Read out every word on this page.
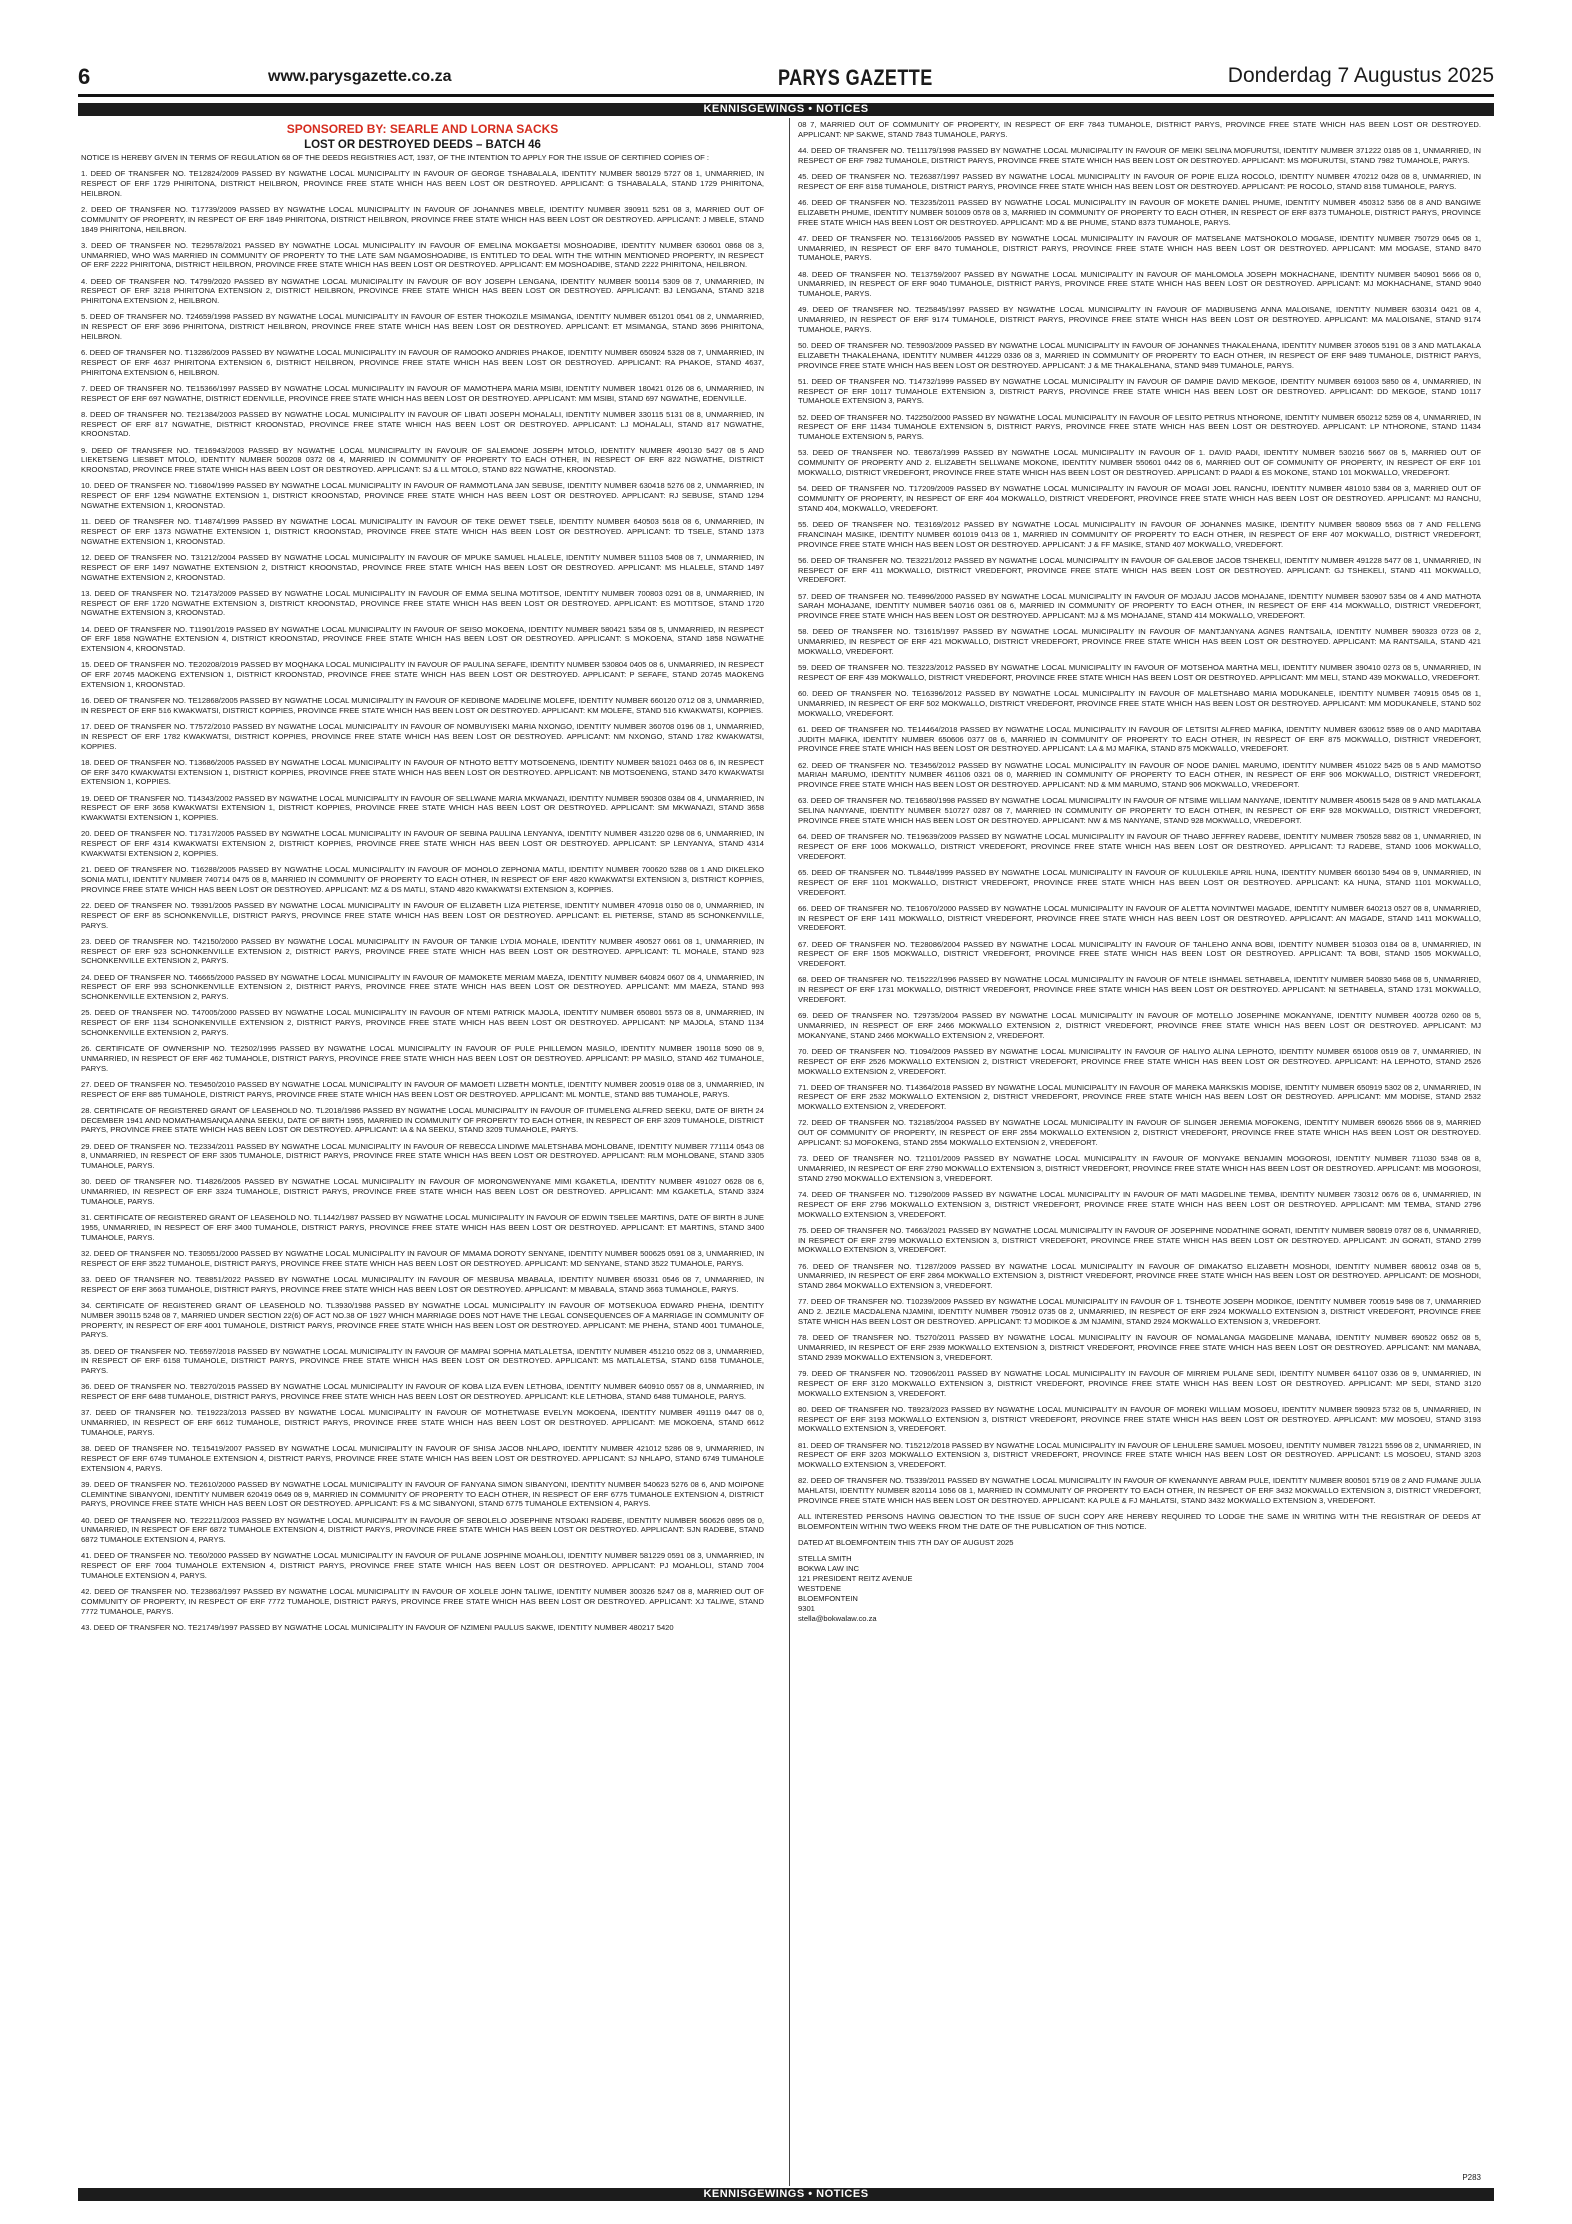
6	www.parysgazette.co.za	PARYS GAZETTE	Donderdag 7 Augustus 2025
KENNISGEWINGS • NOTICES
SPONSORED BY: SEARLE AND LORNA SACKS
LOST OR DESTROYED DEEDS – BATCH 46

NOTICE IS HEREBY GIVEN IN TERMS OF REGULATION 68 OF THE DEEDS REGISTRIES ACT, 1937, OF THE INTENTION TO APPLY FOR THE ISSUE OF CERTIFIED COPIES OF :

1. DEED OF TRANSFER NO. TE12824/2009 PASSED BY NGWATHE LOCAL MUNICIPALITY IN FAVOUR OF GEORGE TSHABALALA, IDENTITY NUMBER 580129 5727 08 1, UNMARRIED, IN RESPECT OF ERF 1729 PHIRITONA, DISTRICT HEILBRON, PROVINCE FREE STATE WHICH HAS BEEN LOST OR DESTROYED. APPLICANT: G TSHABALALA, STAND 1729 PHIRITONA, HEILBRON.

2. DEED OF TRANSFER NO. T17739/2009 PASSED BY NGWATHE LOCAL MUNICIPALITY IN FAVOUR OF JOHANNES MBELE, IDENTITY NUMBER 390911 5251 08 3, MARRIED OUT OF COMMUNITY OF PROPERTY, IN RESPECT OF ERF 1849 PHIRITONA, DISTRICT HEILBRON, PROVINCE FREE STATE WHICH HAS BEEN LOST OR DESTROYED. APPLICANT: J MBELE, STAND 1849 PHIRITONA, HEILBRON.

3. DEED OF TRANSFER NO. TE29578/2021 PASSED BY NGWATHE LOCAL MUNICIPALITY IN FAVOUR OF EMELINA MOKGAETSI MOSHOADIBE, IDENTITY NUMBER 630601 0868 08 3, UNMARRIED, WHO WAS MARRIED IN COMMUNITY OF PROPERTY TO THE LATE SAM NGAMOSHOADIBE, IS ENTITLED TO DEAL WITH THE WITHIN MENTIONED PROPERTY, IN RESPECT OF ERF 2222 PHIRITONA, DISTRICT HEILBRON, PROVINCE FREE STATE WHICH HAS BEEN LOST OR DESTROYED. APPLICANT: EM MOSHOADIBE, STAND 2222 PHIRITONA, HEILBRON.

4. DEED OF TRANSFER NO. T4799/2020 PASSED BY NGWATHE LOCAL MUNICIPALITY IN FAVOUR OF BOY JOSEPH LENGANA, IDENTITY NUMBER 500114 5309 08 7, UNMARRIED, IN RESPECT OF ERF 3218 PHIRITONA EXTENSION 2, DISTRICT HEILBRON, PROVINCE FREE STATE WHICH HAS BEEN LOST OR DESTROYED. APPLICANT: BJ LENGANA, STAND 3218 PHIRITONA EXTENSION 2, HEILBRON.

5. DEED OF TRANSFER NO. T24659/1998 PASSED BY NGWATHE LOCAL MUNICIPALITY IN FAVOUR OF ESTER THOKOZILE MSIMANGA, IDENTITY NUMBER 651201 0541 08 2, UNMARRIED, IN RESPECT OF ERF 3696 PHIRITONA, DISTRICT HEILBRON, PROVINCE FREE STATE WHICH HAS BEEN LOST OR DESTROYED. APPLICANT: ET MSIMANGA, STAND 3696 PHIRITONA, HEILBRON.

6. DEED OF TRANSFER NO. T13286/2009 PASSED BY NGWATHE LOCAL MUNICIPALITY IN FAVOUR OF RAMOOKO ANDRIES PHAKOE, IDENTITY NUMBER 650924 5328 08 7, UNMARRIED, IN RESPECT OF ERF 4637 PHIRITONA EXTENSION 6, DISTRICT HEILBRON, PROVINCE FREE STATE WHICH HAS BEEN LOST OR DESTROYED. APPLICANT: RA PHAKOE, STAND 4637, PHIRITONA EXTENSION 6, HEILBRON.

7. DEED OF TRANSFER NO. TE15366/1997 PASSED BY NGWATHE LOCAL MUNICIPALITY IN FAVOUR OF MAMOTHEPA MARIA MSIBI, IDENTITY NUMBER 180421 0126 08 6, UNMARRIED, IN RESPECT OF ERF 697 NGWATHE, DISTRICT EDENVILLE, PROVINCE FREE STATE WHICH HAS BEEN LOST OR DESTROYED. APPLICANT: MM MSIBI, STAND 697 NGWATHE, EDENVILLE.

8. DEED OF TRANSFER NO. TE21384/2003 PASSED BY NGWATHE LOCAL MUNICIPALITY IN FAVOUR OF LIBATI JOSEPH MOHALALI, IDENTITY NUMBER 330115 5131 08 8, UNMARRIED, IN RESPECT OF ERF 817 NGWATHE, DISTRICT KROONSTAD, PROVINCE FREE STATE WHICH HAS BEEN LOST OR DESTROYED. APPLICANT: LJ MOHALALI, STAND 817 NGWATHE, KROONSTAD.

9. DEED OF TRANSFER NO. TE16943/2003 PASSED BY NGWATHE LOCAL MUNICIPALITY IN FAVOUR OF SALEMONE JOSEPH MTOLO, IDENTITY NUMBER 490130 5427 08 5 AND LIEKETSENG LIESBET MTOLO, IDENTITY NUMBER 500208 0372 08 4, MARRIED IN COMMUNITY OF PROPERTY TO EACH OTHER, IN RESPECT OF ERF 822 NGWATHE, DISTRICT KROONSTAD, PROVINCE FREE STATE WHICH HAS BEEN LOST OR DESTROYED. APPLICANT: SJ & LL MTOLO, STAND 822 NGWATHE, KROONSTAD.

10. DEED OF TRANSFER NO. T16804/1999 PASSED BY NGWATHE LOCAL MUNICIPALITY IN FAVOUR OF RAMMOTLANA JAN SEBUSE, IDENTITY NUMBER 630418 5276 08 2, UNMARRIED, IN RESPECT OF ERF 1294 NGWATHE EXTENSION 1, DISTRICT KROONSTAD, PROVINCE FREE STATE WHICH HAS BEEN LOST OR DESTROYED. APPLICANT: RJ SEBUSE, STAND 1294 NGWATHE EXTENSION 1, KROONSTAD.

11. DEED OF TRANSFER NO. T14874/1999 PASSED BY NGWATHE LOCAL MUNICIPALITY IN FAVOUR OF TEKE DEWET TSELE, IDENTITY NUMBER 640503 5618 08 6, UNMARRIED, IN RESPECT OF ERF 1373 NGWATHE EXTENSION 1, DISTRICT KROONSTAD, PROVINCE FREE STATE WHICH HAS BEEN LOST OR DESTROYED. APPLICANT: TD TSELE, STAND 1373 NGWATHE EXTENSION 1, KROONSTAD.

12. DEED OF TRANSFER NO. T31212/2004 PASSED BY NGWATHE LOCAL MUNICIPALITY IN FAVOUR OF MPUKE SAMUEL HLALELE, IDENTITY NUMBER 511103 5408 08 7, UNMARRIED, IN RESPECT OF ERF 1497 NGWATHE EXTENSION 2, DISTRICT KROONSTAD, PROVINCE FREE STATE WHICH HAS BEEN LOST OR DESTROYED. APPLICANT: MS HLALELE, STAND 1497 NGWATHE EXTENSION 2, KROONSTAD.

13. DEED OF TRANSFER NO. T21473/2009 PASSED BY NGWATHE LOCAL MUNICIPALITY IN FAVOUR OF EMMA SELINA MOTITSOE, IDENTITY NUMBER 700803 0291 08 8, UNMARRIED, IN RESPECT OF ERF 1720 NGWATHE EXTENSION 3, DISTRICT KROONSTAD, PROVINCE FREE STATE WHICH HAS BEEN LOST OR DESTROYED. APPLICANT: ES MOTITSOE, STAND 1720 NGWATHE EXTENSION 3, KROONSTAD.

14. DEED OF TRANSFER NO. T11901/2019 PASSED BY NGWATHE LOCAL MUNICIPALITY IN FAVOUR OF SEISO MOKOENA, IDENTITY NUMBER 580421 5354 08 5, UNMARRIED, IN RESPECT OF ERF 1858 NGWATHE EXTENSION 4, DISTRICT KROONSTAD, PROVINCE FREE STATE WHICH HAS BEEN LOST OR DESTROYED. APPLICANT: S MOKOENA, STAND 1858 NGWATHE EXTENSION 4, KROONSTAD.

15. DEED OF TRANSFER NO. TE20208/2019 PASSED BY MOQHAKA LOCAL MUNICIPALITY IN FAVOUR OF PAULINA SEFAFE, IDENTITY NUMBER 530804 0405 08 6, UNMARRIED, IN RESPECT OF ERF 20745 MAOKENG EXTENSION 1, DISTRICT KROONSTAD, PROVINCE FREE STATE WHICH HAS BEEN LOST OR DESTROYED. APPLICANT: P SEFAFE, STAND 20745 MAOKENG EXTENSION 1, KROONSTAD.

16. DEED OF TRANSFER NO. TE12868/2005 PASSED BY NGWATHE LOCAL MUNICIPALITY IN FAVOUR OF KEDIBONE MADELINE MOLEFE, IDENTITY NUMBER 660120 0712 08 3, UNMARRIED, IN RESPECT OF ERF 516 KWAKWATSI, DISTRICT KOPPIES, PROVINCE FREE STATE WHICH HAS BEEN LOST OR DESTROYED. APPLICANT: KM MOLEFE, STAND 516 KWAKWATSI, KOPPIES.

17. DEED OF TRANSFER NO. T7572/2010 PASSED BY NGWATHE LOCAL MUNICIPALITY IN FAVOUR OF NOMBUYISEKI MARIA NXONGO, IDENTITY NUMBER 360708 0196 08 1, UNMARRIED, IN RESPECT OF ERF 1782 KWAKWATSI, DISTRICT KOPPIES, PROVINCE FREE STATE WHICH HAS BEEN LOST OR DESTROYED. APPLICANT: NM NXONGO, STAND 1782 KWAKWATSI, KOPPIES.

18. DEED OF TRANSFER NO. T13686/2005 PASSED BY NGWATHE LOCAL MUNICIPALITY IN FAVOUR OF NTHOTO BETTY MOTSOENENG, IDENTITY NUMBER 581021 0463 08 6, IN RESPECT OF ERF 3470 KWAKWATSI EXTENSION 1, DISTRICT KOPPIES, PROVINCE FREE STATE WHICH HAS BEEN LOST OR DESTROYED. APPLICANT: NB MOTSOENENG, STAND 3470 KWAKWATSI EXTENSION 1, KOPPIES.

19. DEED OF TRANSFER NO. T14343/2002 PASSED BY NGWATHE LOCAL MUNICIPALITY IN FAVOUR OF SELLWANE MARIA MKWANAZI, IDENTITY NUMBER 590308 0384 08 4, UNMARRIED, IN RESPECT OF ERF 3658 KWAKWATSI EXTENSION 1, DISTRICT KOPPIES, PROVINCE FREE STATE WHICH HAS BEEN LOST OR DESTROYED. APPLICANT: SM MKWANAZI, STAND 3658 KWAKWATSI EXTENSION 1, KOPPIES.

20. DEED OF TRANSFER NO. T17317/2005 PASSED BY NGWATHE LOCAL MUNICIPALITY IN FAVOUR OF SEBINA PAULINA LENYANYA, IDENTITY NUMBER 431220 0298 08 6, UNMARRIED, IN RESPECT OF ERF 4314 KWAKWATSI EXTENSION 2, DISTRICT KOPPIES, PROVINCE FREE STATE WHICH HAS BEEN LOST OR DESTROYED. APPLICANT: SP LENYANYA, STAND 4314 KWAKWATSI EXTENSION 2, KOPPIES.

21. DEED OF TRANSFER NO. T16288/2005 PASSED BY NGWATHE LOCAL MUNICIPALITY IN FAVOUR OF MOHOLO ZEPHONIA MATLI, IDENTITY NUMBER 700620 5288 08 1 AND DIKELEKO SONIA MATLI, IDENTITY NUMBER 740714 0475 08 8, MARRIED IN COMMUNITY OF PROPERTY TO EACH OTHER, IN RESPECT OF ERF 4820 KWAKWATSI EXTENSION 3, DISTRICT KOPPIES, PROVINCE FREE STATE WHICH HAS BEEN LOST OR DESTROYED. APPLICANT: MZ & DS MATLI, STAND 4820 KWAKWATSI EXTENSION 3, KOPPIES.

22. DEED OF TRANSFER NO. T9391/2005 PASSED BY NGWATHE LOCAL MUNICIPALITY IN FAVOUR OF ELIZABETH LIZA PIETERSE, IDENTITY NUMBER 470918 0150 08 0, UNMARRIED, IN RESPECT OF ERF 85 SCHONKENVILLE, DISTRICT PARYS, PROVINCE FREE STATE WHICH HAS BEEN LOST OR DESTROYED. APPLICANT: EL PIETERSE, STAND 85 SCHONKENVILLE, PARYS.

23. DEED OF TRANSFER NO. T42150/2000 PASSED BY NGWATHE LOCAL MUNICIPALITY IN FAVOUR OF TANKIE LYDIA MOHALE, IDENTITY NUMBER 490527 0661 08 1, UNMARRIED, IN RESPECT OF ERF 923 SCHONKENVILLE EXTENSION 2, DISTRICT PARYS, PROVINCE FREE STATE WHICH HAS BEEN LOST OR DESTROYED. APPLICANT: TL MOHALE, STAND 923 SCHONKENVILLE EXTENSION 2, PARYS.

24. DEED OF TRANSFER NO. T46665/2000 PASSED BY NGWATHE LOCAL MUNICIPALITY IN FAVOUR OF MAMOKETE MERIAM MAEZA, IDENTITY NUMBER 640824 0607 08 4, UNMARRIED, IN RESPECT OF ERF 993 SCHONKENVILLE EXTENSION 2, DISTRICT PARYS, PROVINCE FREE STATE WHICH HAS BEEN LOST OR DESTROYED. APPLICANT: MM MAEZA, STAND 993 SCHONKENVILLE EXTENSION 2, PARYS.

25. DEED OF TRANSFER NO. T47005/2000 PASSED BY NGWATHE LOCAL MUNICIPALITY IN FAVOUR OF NTEMI PATRICK MAJOLA, IDENTITY NUMBER 650801 5573 08 8, UNMARRIED, IN RESPECT OF ERF 1134 SCHONKENVILLE EXTENSION 2, DISTRICT PARYS, PROVINCE FREE STATE WHICH HAS BEEN LOST OR DESTROYED. APPLICANT: NP MAJOLA, STAND 1134 SCHONKENVILLE EXTENSION 2, PARYS.

26. CERTIFICATE OF OWNERSHIP NO. TE2502/1995 PASSED BY NGWATHE LOCAL MUNICIPALITY IN FAVOUR OF PULE PHILLEMON MASILO, IDENTITY NUMBER 190118 5090 08 9, UNMARRIED, IN RESPECT OF ERF 462 TUMAHOLE, DISTRICT PARYS, PROVINCE FREE STATE WHICH HAS BEEN LOST OR DESTROYED. APPLICANT: PP MASILO, STAND 462 TUMAHOLE, PARYS.

27. DEED OF TRANSFER NO. TE9450/2010 PASSED BY NGWATHE LOCAL MUNICIPALITY IN FAVOUR OF MAMOETI LIZBETH MONTLE, IDENTITY NUMBER 200519 0188 08 3, UNMARRIED, IN RESPECT OF ERF 885 TUMAHOLE, DISTRICT PARYS, PROVINCE FREE STATE WHICH HAS BEEN LOST OR DESTROYED. APPLICANT: ML MONTLE, STAND 885 TUMAHOLE, PARYS.

28. CERTIFICATE OF REGISTERED GRANT OF LEASEHOLD NO. TL2018/1986 PASSED BY NGWATHE LOCAL MUNICIPALITY IN FAVOUR OF ITUMELENG ALFRED SEEKU, DATE OF BIRTH 24 DECEMBER 1941 AND NOMATHAMSANQA ANNA SEEKU, DATE OF BIRTH 1955, MARRIED IN COMMUNITY OF PROPERTY TO EACH OTHER, IN RESPECT OF ERF 3209 TUMAHOLE, DISTRICT PARYS, PROVINCE FREE STATE WHICH HAS BEEN LOST OR DESTROYED. APPLICANT: IA & NA SEEKU, STAND 3209 TUMAHOLE, PARYS.

29. DEED OF TRANSFER NO. TE2334/2011 PASSED BY NGWATHE LOCAL MUNICIPALITY IN FAVOUR OF REBECCA LINDIWE MALETSHABA MOHLOBANE, IDENTITY NUMBER 771114 0543 08 8, UNMARRIED, IN RESPECT OF ERF 3305 TUMAHOLE, DISTRICT PARYS, PROVINCE FREE STATE WHICH HAS BEEN LOST OR DESTROYED. APPLICANT: RLM MOHLOBANE, STAND 3305 TUMAHOLE, PARYS.

30. DEED OF TRANSFER NO. T14826/2005 PASSED BY NGWATHE LOCAL MUNICIPALITY IN FAVOUR OF MORONGWENYANE MIMI KGAKETLA, IDENTITY NUMBER 491027 0628 08 6, UNMARRIED, IN RESPECT OF ERF 3324 TUMAHOLE, DISTRICT PARYS, PROVINCE FREE STATE WHICH HAS BEEN LOST OR DESTROYED. APPLICANT: MM KGAKETLA, STAND 3324 TUMAHOLE, PARYS.

31. CERTIFICATE OF REGISTERED GRANT OF LEASEHOLD NO. TL1442/1987 PASSED BY NGWATHE LOCAL MUNICIPALITY IN FAVOUR OF EDWIN TSELEE MARTINS, DATE OF BIRTH 8 JUNE 1955, UNMARRIED, IN RESPECT OF ERF 3400 TUMAHOLE, DISTRICT PARYS, PROVINCE FREE STATE WHICH HAS BEEN LOST OR DESTROYED. APPLICANT: ET MARTINS, STAND 3400 TUMAHOLE, PARYS.

32. DEED OF TRANSFER NO. TE30551/2000 PASSED BY NGWATHE LOCAL MUNICIPALITY IN FAVOUR OF MMAMA DOROTY SENYANE, IDENTITY NUMBER 500625 0591 08 3, UNMARRIED, IN RESPECT OF ERF 3522 TUMAHOLE, DISTRICT PARYS, PROVINCE FREE STATE WHICH HAS BEEN LOST OR DESTROYED. APPLICANT: MD SENYANE, STAND 3522 TUMAHOLE, PARYS.

33. DEED OF TRANSFER NO. TE8851/2022 PASSED BY NGWATHE LOCAL MUNICIPALITY IN FAVOUR OF MESBUSA MBABALA, IDENTITY NUMBER 650331 0546 08 7, UNMARRIED, IN RESPECT OF ERF 3663 TUMAHOLE, DISTRICT PARYS, PROVINCE FREE STATE WHICH HAS BEEN LOST OR DESTROYED. APPLICANT: M MBABALA, STAND 3663 TUMAHOLE, PARYS.

34. CERTIFICATE OF REGISTERED GRANT OF LEASEHOLD NO. TL3930/1988 PASSED BY NGWATHE LOCAL MUNICIPALITY IN FAVOUR OF MOTSEKUOA EDWARD PHEHA, IDENTITY NUMBER 390115 5248 08 7, MARRIED UNDER SECTION 22(6) OF ACT NO.38 OF 1927 WHICH MARRIAGE DOES NOT HAVE THE LEGAL CONSEQUENCES OF A MARRIAGE IN COMMUNITY OF PROPERTY, IN RESPECT OF ERF 4001 TUMAHOLE, DISTRICT PARYS, PROVINCE FREE STATE WHICH HAS BEEN LOST OR DESTROYED. APPLICANT: ME PHEHA, STAND 4001 TUMAHOLE, PARYS.

35. DEED OF TRANSFER NO. TE6597/2018 PASSED BY NGWATHE LOCAL MUNICIPALITY IN FAVOUR OF MAMPAI SOPHIA MATLALETSA, IDENTITY NUMBER 451210 0522 08 3, UNMARRIED, IN RESPECT OF ERF 6158 TUMAHOLE, DISTRICT PARYS, PROVINCE FREE STATE WHICH HAS BEEN LOST OR DESTROYED. APPLICANT: MS MATLALETSA, STAND 6158 TUMAHOLE, PARYS.

36. DEED OF TRANSFER NO. TE8270/2015 PASSED BY NGWATHE LOCAL MUNICIPALITY IN FAVOUR OF KOBA LIZA EVEN LETHOBA, IDENTITY NUMBER 640910 0557 08 8, UNMARRIED, IN RESPECT OF ERF 6488 TUMAHOLE, DISTRICT PARYS, PROVINCE FREE STATE WHICH HAS BEEN LOST OR DESTROYED. APPLICANT: KLE LETHOBA, STAND 6488 TUMAHOLE, PARYS.

37. DEED OF TRANSFER NO. TE19223/2013 PASSED BY NGWATHE LOCAL MUNICIPALITY IN FAVOUR OF MOTHETWASE EVELYN MOKOENA, IDENTITY NUMBER 491119 0447 08 0, UNMARRIED, IN RESPECT OF ERF 6612 TUMAHOLE, DISTRICT PARYS, PROVINCE FREE STATE WHICH HAS BEEN LOST OR DESTROYED. APPLICANT: ME MOKOENA, STAND 6612 TUMAHOLE, PARYS.

38. DEED OF TRANSFER NO. TE15419/2007 PASSED BY NGWATHE LOCAL MUNICIPALITY IN FAVOUR OF SHISA JACOB NHLAPO, IDENTITY NUMBER 421012 5286 08 9, UNMARRIED, IN RESPECT OF ERF 6749 TUMAHOLE EXTENSION 4, DISTRICT PARYS, PROVINCE FREE STATE WHICH HAS BEEN LOST OR DESTROYED. APPLICANT: SJ NHLAPO, STAND 6749 TUMAHOLE EXTENSION 4, PARYS.

39. DEED OF TRANSFER NO. TE2610/2000 PASSED BY NGWATHE LOCAL MUNICIPALITY IN FAVOUR OF FANYANA SIMON SIBANYONI, IDENTITY NUMBER 540623 5276 08 6, AND MOIPONE CLEMINTINE SIBANYONI, IDENTITY NUMBER 620419 0649 08 9, MARRIED IN COMMUNITY OF PROPERTY TO EACH OTHER, IN RESPECT OF ERF 6775 TUMAHOLE EXTENSION 4, DISTRICT PARYS, PROVINCE FREE STATE WHICH HAS BEEN LOST OR DESTROYED. APPLICANT: FS & MC SIBANYONI, STAND 6775 TUMAHOLE EXTENSION 4, PARYS.

40. DEED OF TRANSFER NO. TE22211/2003 PASSED BY NGWATHE LOCAL MUNICIPALITY IN FAVOUR OF SEBOLELO JOSEPHINE NTSOAKI RADEBE, IDENTITY NUMBER 560626 0895 08 0, UNMARRIED, IN RESPECT OF ERF 6872 TUMAHOLE EXTENSION 4, DISTRICT PARYS, PROVINCE FREE STATE WHICH HAS BEEN LOST OR DESTROYED. APPLICANT: SJN RADEBE, STAND 6872 TUMAHOLE EXTENSION 4, PARYS.

41. DEED OF TRANSFER NO. TE60/2000 PASSED BY NGWATHE LOCAL MUNICIPALITY IN FAVOUR OF PULANE JOSPHINE MOAHLOLI, IDENTITY NUMBER 581229 0591 08 3, UNMARRIED, IN RESPECT OF ERF 7004 TUMAHOLE EXTENSION 4, DISTRICT PARYS, PROVINCE FREE STATE WHICH HAS BEEN LOST OR DESTROYED. APPLICANT: PJ MOAHLOLI, STAND 7004 TUMAHOLE EXTENSION 4, PARYS.

42. DEED OF TRANSFER NO. TE23863/1997 PASSED BY NGWATHE LOCAL MUNICIPALITY IN FAVOUR OF XOLELE JOHN TALIWE, IDENTITY NUMBER 300326 5247 08 8, MARRIED OUT OF COMMUNITY OF PROPERTY, IN RESPECT OF ERF 7772 TUMAHOLE, DISTRICT PARYS, PROVINCE FREE STATE WHICH HAS BEEN LOST OR DESTROYED. APPLICANT: XJ TALIWE, STAND 7772 TUMAHOLE, PARYS.

43. DEED OF TRANSFER NO. TE21749/1997 PASSED BY NGWATHE LOCAL MUNICIPALITY IN FAVOUR OF NZIMENI PAULUS SAKWE, IDENTITY NUMBER 480217 5420

08 7, MARRIED OUT OF COMMUNITY OF PROPERTY, IN RESPECT OF ERF 7843 TUMAHOLE, DISTRICT PARYS, PROVINCE FREE STATE WHICH HAS BEEN LOST OR DESTROYED. APPLICANT: NP SAKWE, STAND 7843 TUMAHOLE, PARYS.

44. DEED OF TRANSFER NO. TE11179/1998 PASSED BY NGWATHE LOCAL MUNICIPALITY IN FAVOUR OF MEIKI SELINA MOFURUTSI, IDENTITY NUMBER 371222 0185 08 1, UNMARRIED, IN RESPECT OF ERF 7982 TUMAHOLE, DISTRICT PARYS, PROVINCE FREE STATE WHICH HAS BEEN LOST OR DESTROYED. APPLICANT: MS MOFURUTSI, STAND 7982 TUMAHOLE, PARYS.

45. DEED OF TRANSFER NO. TE26387/1997 PASSED BY NGWATHE LOCAL MUNICIPALITY IN FAVOUR OF POPIE ELIZA ROCOLO, IDENTITY NUMBER 470212 0428 08 8, UNMARRIED, IN RESPECT OF ERF 8158 TUMAHOLE, DISTRICT PARYS, PROVINCE FREE STATE WHICH HAS BEEN LOST OR DESTROYED. APPLICANT: PE ROCOLO, STAND 8158 TUMAHOLE, PARYS.

46. DEED OF TRANSFER NO. TE3235/2011 PASSED BY NGWATHE LOCAL MUNICIPALITY IN FAVOUR OF MOKETE DANIEL PHUME, IDENTITY NUMBER 450312 5356 08 8 AND BANGIWE ELIZABETH PHUME, IDENTITY NUMBER 501009 0578 08 3, MARRIED IN COMMUNITY OF PROPERTY TO EACH OTHER, IN RESPECT OF ERF 8373 TUMAHOLE, DISTRICT PARYS, PROVINCE FREE STATE WHICH HAS BEEN LOST OR DESTROYED. APPLICANT: MD & BE PHUME, STAND 8373 TUMAHOLE, PARYS.

47. DEED OF TRANSFER NO. TE13166/2005 PASSED BY NGWATHE LOCAL MUNICIPALITY IN FAVOUR OF MATSELANE MATSHOKOLO MOGASE, IDENTITY NUMBER 750729 0645 08 1, UNMARRIED, IN RESPECT OF ERF 8470 TUMAHOLE, DISTRICT PARYS, PROVINCE FREE STATE WHICH HAS BEEN LOST OR DESTROYED. APPLICANT: MM MOGASE, STAND 8470 TUMAHOLE, PARYS.

48. DEED OF TRANSFER NO. TE13759/2007 PASSED BY NGWATHE LOCAL MUNICIPALITY IN FAVOUR OF MAHLOMOLA JOSEPH MOKHACHANE, IDENTITY NUMBER 540901 5666 08 0, UNMARRIED, IN RESPECT OF ERF 9040 TUMAHOLE, DISTRICT PARYS, PROVINCE FREE STATE WHICH HAS BEEN LOST OR DESTROYED. APPLICANT: MJ MOKHACHANE, STAND 9040 TUMAHOLE, PARYS.

49. DEED OF TRANSFER NO. TE25845/1997 PASSED BY NGWATHE LOCAL MUNICIPALITY IN FAVOUR OF MADIBUSENG ANNA MALOISANE, IDENTITY NUMBER 630314 0421 08 4, UNMARRIED, IN RESPECT OF ERF 9174 TUMAHOLE, DISTRICT PARYS, PROVINCE FREE STATE WHICH HAS BEEN LOST OR DESTROYED. APPLICANT: MA MALOISANE, STAND 9174 TUMAHOLE, PARYS.

50. DEED OF TRANSFER NO. TE5903/2009 PASSED BY NGWATHE LOCAL MUNICIPALITY IN FAVOUR OF JOHANNES THAKALEHANA, IDENTITY NUMBER 370605 5191 08 3 AND MATLAKALA ELIZABETH THAKALEHANA, IDENTITY NUMBER 441229 0336 08 3, MARRIED IN COMMUNITY OF PROPERTY TO EACH OTHER, IN RESPECT OF ERF 9489 TUMAHOLE, DISTRICT PARYS, PROVINCE FREE STATE WHICH HAS BEEN LOST OR DESTROYED. APPLICANT: J & ME THAKALEHANA, STAND 9489 TUMAHOLE, PARYS.

51. DEED OF TRANSFER NO. T14732/1999 PASSED BY NGWATHE LOCAL MUNICIPALITY IN FAVOUR OF DAMPIE DAVID MEKGOE, IDENTITY NUMBER 691003 5850 08 4, UNMARRIED, IN RESPECT OF ERF 10117 TUMAHOLE EXTENSION 3, DISTRICT PARYS, PROVINCE FREE STATE WHICH HAS BEEN LOST OR DESTROYED. APPLICANT: DD MEKGOE, STAND 10117 TUMAHOLE EXTENSION 3, PARYS.

52. DEED OF TRANSFER NO. T42250/2000 PASSED BY NGWATHE LOCAL MUNICIPALITY IN FAVOUR OF LESITO PETRUS NTHORONE, IDENTITY NUMBER 650212 5259 08 4, UNMARRIED, IN RESPECT OF ERF 11434 TUMAHOLE EXTENSION 5, DISTRICT PARYS, PROVINCE FREE STATE WHICH HAS BEEN LOST OR DESTROYED. APPLICANT: LP NTHORONE, STAND 11434 TUMAHOLE EXTENSION 5, PARYS.

53. DEED OF TRANSFER NO. TE8673/1999 PASSED BY NGWATHE LOCAL MUNICIPALITY IN FAVOUR OF 1. DAVID PAADI, IDENTITY NUMBER 530216 5667 08 5, MARRIED OUT OF COMMUNITY OF PROPERTY AND 2. ELIZABETH SELLWANE MOKONE, IDENTITY NUMBER 550601 0442 08 6, MARRIED OUT OF COMMUNITY OF PROPERTY, IN RESPECT OF ERF 101 MOKWALLO, DISTRICT VREDEFORT, PROVINCE FREE STATE WHICH HAS BEEN LOST OR DESTROYED. APPLICANT: D PAADI & ES MOKONE, STAND 101 MOKWALLO, VREDEFORT.

54. DEED OF TRANSFER NO. T17209/2009 PASSED BY NGWATHE LOCAL MUNICIPALITY IN FAVOUR OF MOAGI JOEL RANCHU, IDENTITY NUMBER 481010 5384 08 3, MARRIED OUT OF COMMUNITY OF PROPERTY, IN RESPECT OF ERF 404 MOKWALLO, DISTRICT VREDEFORT, PROVINCE FREE STATE WHICH HAS BEEN LOST OR DESTROYED. APPLICANT: MJ RANCHU, STAND 404, MOKWALLO, VREDEFORT.

55. DEED OF TRANSFER NO. TE3169/2012 PASSED BY NGWATHE LOCAL MUNICIPALITY IN FAVOUR OF JOHANNES MASIKE, IDENTITY NUMBER 580809 5563 08 7 AND FELLENG FRANCINAH MASIKE, IDENTITY NUMBER 601019 0413 08 1, MARRIED IN COMMUNITY OF PROPERTY TO EACH OTHER, IN RESPECT OF ERF 407 MOKWALLO, DISTRICT VREDEFORT, PROVINCE FREE STATE WHICH HAS BEEN LOST OR DESTROYED. APPLICANT: J & FF MASIKE, STAND 407 MOKWALLO, VREDEFORT.

56. DEED OF TRANSFER NO. TE3221/2012 PASSED BY NGWATHE LOCAL MUNICIPALITY IN FAVOUR OF GALEBOE JACOB TSHEKELI, IDENTITY NUMBER 491228 5477 08 1, UNMARRIED, IN RESPECT OF ERF 411 MOKWALLO, DISTRICT VREDEFORT, PROVINCE FREE STATE WHICH HAS BEEN LOST OR DESTROYED. APPLICANT: GJ TSHEKELI, STAND 411 MOKWALLO, VREDEFORT.

57. DEED OF TRANSFER NO. TE4996/2000 PASSED BY NGWATHE LOCAL MUNICIPALITY IN FAVOUR OF MOJAJU JACOB MOHAJANE, IDENTITY NUMBER 530907 5354 08 4 AND MATHOTA SARAH MOHAJANE, IDENTITY NUMBER 540716 0361 08 6, MARRIED IN COMMUNITY OF PROPERTY TO EACH OTHER, IN RESPECT OF ERF 414 MOKWALLO, DISTRICT VREDEFORT, PROVINCE FREE STATE WHICH HAS BEEN LOST OR DESTROYED. APPLICANT: MJ & MS MOHAJANE, STAND 414 MOKWALLO, VREDEFORT.

58. DEED OF TRANSFER NO. T31615/1997 PASSED BY NGWATHE LOCAL MUNICIPALITY IN FAVOUR OF MANTJANYANA AGNES RANTSAILA, IDENTITY NUMBER 590323 0723 08 2, UNMARRIED, IN RESPECT OF ERF 421 MOKWALLO, DISTRICT VREDEFORT, PROVINCE FREE STATE WHICH HAS BEEN LOST OR DESTROYED. APPLICANT: MA RANTSAILA, STAND 421 MOKWALLO, VREDEFORT.

59. DEED OF TRANSFER NO. TE3223/2012 PASSED BY NGWATHE LOCAL MUNICIPALITY IN FAVOUR OF MOTSEHOA MARTHA MELI, IDENTITY NUMBER 390410 0273 08 5, UNMARRIED, IN RESPECT OF ERF 439 MOKWALLO, DISTRICT VREDEFORT, PROVINCE FREE STATE WHICH HAS BEEN LOST OR DESTROYED. APPLICANT: MM MELI, STAND 439 MOKWALLO, VREDEFORT.

60. DEED OF TRANSFER NO. TE16396/2012 PASSED BY NGWATHE LOCAL MUNICIPALITY IN FAVOUR OF MALETSHABO MARIA MODUKANELE, IDENTITY NUMBER 740915 0545 08 1, UNMARRIED, IN RESPECT OF ERF 502 MOKWALLO, DISTRICT VREDEFORT, PROVINCE FREE STATE WHICH HAS BEEN LOST OR DESTROYED. APPLICANT: MM MODUKANELE, STAND 502 MOKWALLO, VREDEFORT.

61. DEED OF TRANSFER NO. TE14464/2018 PASSED BY NGWATHE LOCAL MUNICIPALITY IN FAVOUR OF LETSITSI ALFRED MAFIKA, IDENTITY NUMBER 630612 5589 08 0 AND MADITABA JUDITH MAFIKA, IDENTITY NUMBER 650606 0377 08 6, MARRIED IN COMMUNITY OF PROPERTY TO EACH OTHER, IN RESPECT OF ERF 875 MOKWALLO, DISTRICT VREDEFORT, PROVINCE FREE STATE WHICH HAS BEEN LOST OR DESTROYED. APPLICANT: LA & MJ MAFIKA, STAND 875 MOKWALLO, VREDEFORT.

62. DEED OF TRANSFER NO. TE3456/2012 PASSED BY NGWATHE LOCAL MUNICIPALITY IN FAVOUR OF NOOE DANIEL MARUMO, IDENTITY NUMBER 451022 5425 08 5 AND MAMOTSO MARIAH MARUMO, IDENTITY NUMBER 461106 0321 08 0, MARRIED IN COMMUNITY OF PROPERTY TO EACH OTHER, IN RESPECT OF ERF 906 MOKWALLO, DISTRICT VREDEFORT, PROVINCE FREE STATE WHICH HAS BEEN LOST OR DESTROYED. APPLICANT: ND & MM MARUMO, STAND 906 MOKWALLO, VREDEFORT.

63. DEED OF TRANSFER NO. TE16580/1998 PASSED BY NGWATHE LOCAL MUNICIPALITY IN FAVOUR OF NTSIME WILLIAM NANYANE, IDENTITY NUMBER 450615 5428 08 9 AND MATLAKALA SELINA NANYANE, IDENTITY NUMBER 510727 0287 08 7, MARRIED IN COMMUNITY OF PROPERTY TO EACH OTHER, IN RESPECT OF ERF 928 MOKWALLO, DISTRICT VREDEFORT, PROVINCE FREE STATE WHICH HAS BEEN LOST OR DESTROYED. APPLICANT: NW & MS NANYANE, STAND 928 MOKWALLO, VREDEFORT.

64. DEED OF TRANSFER NO. TE19639/2009 PASSED BY NGWATHE LOCAL MUNICIPALITY IN FAVOUR OF THABO JEFFREY RADEBE, IDENTITY NUMBER 750528 5882 08 1, UNMARRIED, IN RESPECT OF ERF 1006 MOKWALLO, DISTRICT VREDEFORT, PROVINCE FREE STATE WHICH HAS BEEN LOST OR DESTROYED. APPLICANT: TJ RADEBE, STAND 1006 MOKWALLO, VREDEFORT.

65. DEED OF TRANSFER NO. TL8448/1999 PASSED BY NGWATHE LOCAL MUNICIPALITY IN FAVOUR OF KULULEKILE APRIL HUNA, IDENTITY NUMBER 660130 5494 08 9, UNMARRIED, IN RESPECT OF ERF 1101 MOKWALLO, DISTRICT VREDEFORT, PROVINCE FREE STATE WHICH HAS BEEN LOST OR DESTROYED. APPLICANT: KA HUNA, STAND 1101 MOKWALLO, VREDEFORT.

66. DEED OF TRANSFER NO. TE10670/2000 PASSED BY NGWATHE LOCAL MUNICIPALITY IN FAVOUR OF ALETTA NOVINTWEI MAGADE, IDENTITY NUMBER 640213 0527 08 8, UNMARRIED, IN RESPECT OF ERF 1411 MOKWALLO, DISTRICT VREDEFORT, PROVINCE FREE STATE WHICH HAS BEEN LOST OR DESTROYED. APPLICANT: AN MAGADE, STAND 1411 MOKWALLO, VREDEFORT.

67. DEED OF TRANSFER NO. TE28086/2004 PASSED BY NGWATHE LOCAL MUNICIPALITY IN FAVOUR OF TAHLEHO ANNA BOBI, IDENTITY NUMBER 510303 0184 08 8, UNMARRIED, IN RESPECT OF ERF 1505 MOKWALLO, DISTRICT VREDEFORT, PROVINCE FREE STATE WHICH HAS BEEN LOST OR DESTROYED. APPLICANT: TA BOBI, STAND 1505 MOKWALLO, VREDEFORT.

68. DEED OF TRANSFER NO. TE15222/1996 PASSED BY NGWATHE LOCAL MUNICIPALITY IN FAVOUR OF NTELE ISHMAEL SETHABELA, IDENTITY NUMBER 540830 5468 08 5, UNMARRIED, IN RESPECT OF ERF 1731 MOKWALLO, DISTRICT VREDEFORT, PROVINCE FREE STATE WHICH HAS BEEN LOST OR DESTROYED. APPLICANT: NI SETHABELA, STAND 1731 MOKWALLO, VREDEFORT.

69. DEED OF TRANSFER NO. T29735/2004 PASSED BY NGWATHE LOCAL MUNICIPALITY IN FAVOUR OF MOTELLO JOSEPHINE MOKANYANE, IDENTITY NUMBER 400728 0260 08 5, UNMARRIED, IN RESPECT OF ERF 2466 MOKWALLO EXTENSION 2, DISTRICT VREDEFORT, PROVINCE FREE STATE WHICH HAS BEEN LOST OR DESTROYED. APPLICANT: MJ MOKANYANE, STAND 2466 MOKWALLO EXTENSION 2, VREDEFORT.

70. DEED OF TRANSFER NO. T1094/2009 PASSED BY NGWATHE LOCAL MUNICIPALITY IN FAVOUR OF HALIYO ALINA LEPHOTO, IDENTITY NUMBER 651008 0519 08 7, UNMARRIED, IN RESPECT OF ERF 2526 MOKWALLO EXTENSION 2, DISTRICT VREDEFORT, PROVINCE FREE STATE WHICH HAS BEEN LOST OR DESTROYED. APPLICANT: HA LEPHOTO, STAND 2526 MOKWALLO EXTENSION 2, VREDEFORT.

71. DEED OF TRANSFER NO. T14364/2018 PASSED BY NGWATHE LOCAL MUNICIPALITY IN FAVOUR OF MAREKA MARKSKIS MODISE, IDENTITY NUMBER 650919 5302 08 2, UNMARRIED, IN RESPECT OF ERF 2532 MOKWALLO EXTENSION 2, DISTRICT VREDEFORT, PROVINCE FREE STATE WHICH HAS BEEN LOST OR DESTROYED. APPLICANT: MM MODISE, STAND 2532 MOKWALLO EXTENSION 2, VREDEFORT.

72. DEED OF TRANSFER NO. T32185/2004 PASSED BY NGWATHE LOCAL MUNICIPALITY IN FAVOUR OF SLINGER JEREMIA MOFOKENG, IDENTITY NUMBER 690626 5566 08 9, MARRIED OUT OF COMMUNITY OF PROPERTY, IN RESPECT OF ERF 2554 MOKWALLO EXTENSION 2, DISTRICT VREDEFORT, PROVINCE FREE STATE WHICH HAS BEEN LOST OR DESTROYED. APPLICANT: SJ MOFOKENG, STAND 2554 MOKWALLO EXTENSION 2, VREDEFORT.

73. DEED OF TRANSFER NO. T21101/2009 PASSED BY NGWATHE LOCAL MUNICIPALITY IN FAVOUR OF MONYAKE BENJAMIN MOGOROSI, IDENTITY NUMBER 711030 5348 08 8, UNMARRIED, IN RESPECT OF ERF 2790 MOKWALLO EXTENSION 3, DISTRICT VREDEFORT, PROVINCE FREE STATE WHICH HAS BEEN LOST OR DESTROYED. APPLICANT: MB MOGOROSI, STAND 2790 MOKWALLO EXTENSION 3, VREDEFORT.

74. DEED OF TRANSFER NO. T1290/2009 PASSED BY NGWATHE LOCAL MUNICIPALITY IN FAVOUR OF MATI MAGDELINE TEMBA, IDENTITY NUMBER 730312 0676 08 6, UNMARRIED, IN RESPECT OF ERF 2796 MOKWALLO EXTENSION 3, DISTRICT VREDEFORT, PROVINCE FREE STATE WHICH HAS BEEN LOST OR DESTROYED. APPLICANT: MM TEMBA, STAND 2796 MOKWALLO EXTENSION 3, VREDEFORT.

75. DEED OF TRANSFER NO. T4663/2021 PASSED BY NGWATHE LOCAL MUNICIPALITY IN FAVOUR OF JOSEPHINE NODATHINE GORATI, IDENTITY NUMBER 580819 0787 08 6, UNMARRIED, IN RESPECT OF ERF 2799 MOKWALLO EXTENSION 3, DISTRICT VREDEFORT, PROVINCE FREE STATE WHICH HAS BEEN LOST OR DESTROYED. APPLICANT: JN GORATI, STAND 2799 MOKWALLO EXTENSION 3, VREDEFORT.

76. DEED OF TRANSFER NO. T1287/2009 PASSED BY NGWATHE LOCAL MUNICIPALITY IN FAVOUR OF DIMAKATSO ELIZABETH MOSHODI, IDENTITY NUMBER 680612 0348 08 5, UNMARRIED, IN RESPECT OF ERF 2864 MOKWALLO EXTENSION 3, DISTRICT VREDEFORT, PROVINCE FREE STATE WHICH HAS BEEN LOST OR DESTROYED. APPLICANT: DE MOSHODI, STAND 2864 MOKWALLO EXTENSION 3, VREDEFORT.

77. DEED OF TRANSFER NO. T10239/2009 PASSED BY NGWATHE LOCAL MUNICIPALITY IN FAVOUR OF 1. TSHEOTE JOSEPH MODIKOE, IDENTITY NUMBER 700519 5498 08 7, UNMARRIED AND 2. JEZILE MACDALENA NJAMINI, IDENTITY NUMBER 750912 0735 08 2, UNMARRIED, IN RESPECT OF ERF 2924 MOKWALLO EXTENSION 3, DISTRICT VREDEFORT, PROVINCE FREE STATE WHICH HAS BEEN LOST OR DESTROYED. APPLICANT: TJ MODIKOE & JM NJAMINI, STAND 2924 MOKWALLO EXTENSION 3, VREDEFORT.

78. DEED OF TRANSFER NO. T5270/2011 PASSED BY NGWATHE LOCAL MUNICIPALITY IN FAVOUR OF NOMALANGA MAGDELINE MANABA, IDENTITY NUMBER 690522 0652 08 5, UNMARRIED, IN RESPECT OF ERF 2939 MOKWALLO EXTENSION 3, DISTRICT VREDEFORT, PROVINCE FREE STATE WHICH HAS BEEN LOST OR DESTROYED. APPLICANT: NM MANABA, STAND 2939 MOKWALLO EXTENSION 3, VREDEFORT.

79. DEED OF TRANSFER NO. T20906/2011 PASSED BY NGWATHE LOCAL MUNICIPALITY IN FAVOUR OF MIRRIEM PULANE SEDI, IDENTITY NUMBER 641107 0336 08 9, UNMARRIED, IN RESPECT OF ERF 3120 MOKWALLO EXTENSION 3, DISTRICT VREDEFORT, PROVINCE FREE STATE WHICH HAS BEEN LOST OR DESTROYED. APPLICANT: MP SEDI, STAND 3120 MOKWALLO EXTENSION 3, VREDEFORT.

80. DEED OF TRANSFER NO. T8923/2023 PASSED BY NGWATHE LOCAL MUNICIPALITY IN FAVOUR OF MOREKI WILLIAM MOSOEU, IDENTITY NUMBER 590923 5732 08 5, UNMARRIED, IN RESPECT OF ERF 3193 MOKWALLO EXTENSION 3, DISTRICT VREDEFORT, PROVINCE FREE STATE WHICH HAS BEEN LOST OR DESTROYED. APPLICANT: MW MOSOEU, STAND 3193 MOKWALLO EXTENSION 3, VREDEFORT.

81. DEED OF TRANSFER NO. T15212/2018 PASSED BY NGWATHE LOCAL MUNICIPALITY IN FAVOUR OF LEHULERE SAMUEL MOSOEU, IDENTITY NUMBER 781221 5596 08 2, UNMARRIED, IN RESPECT OF ERF 3203 MOKWALLO EXTENSION 3, DISTRICT VREDEFORT, PROVINCE FREE STATE WHICH HAS BEEN LOST OR DESTROYED. APPLICANT: LS MOSOEU, STAND 3203 MOKWALLO EXTENSION 3, VREDEFORT.

82. DEED OF TRANSFER NO. T5339/2011 PASSED BY NGWATHE LOCAL MUNICIPALITY IN FAVOUR OF KWENANNYE ABRAM PULE, IDENTITY NUMBER 800501 5719 08 2 AND FUMANE JULIA MAHLATSI, IDENTITY NUMBER 820114 1056 08 1, MARRIED IN COMMUNITY OF PROPERTY TO EACH OTHER, IN RESPECT OF ERF 3432 MOKWALLO EXTENSION 3, DISTRICT VREDEFORT, PROVINCE FREE STATE WHICH HAS BEEN LOST OR DESTROYED. APPLICANT: KA PULE & FJ MAHLATSI, STAND 3432 MOKWALLO EXTENSION 3, VREDEFORT.

ALL INTERESTED PERSONS HAVING OBJECTION TO THE ISSUE OF SUCH COPY ARE HEREBY REQUIRED TO LODGE THE SAME IN WRITING WITH THE REGISTRAR OF DEEDS AT BLOEMFONTEIN WITHIN TWO WEEKS FROM THE DATE OF THE PUBLICATION OF THIS NOTICE.

DATED AT BLOEMFONTEIN THIS 7TH DAY OF AUGUST 2025

STELLA SMITH
BOKWA LAW INC
121 PRESIDENT REITZ AVENUE
WESTDENE
BLOEMFONTEIN
9301
stella@bokwalaw.co.za
P283
KENNISGEWINGS • NOTICES
